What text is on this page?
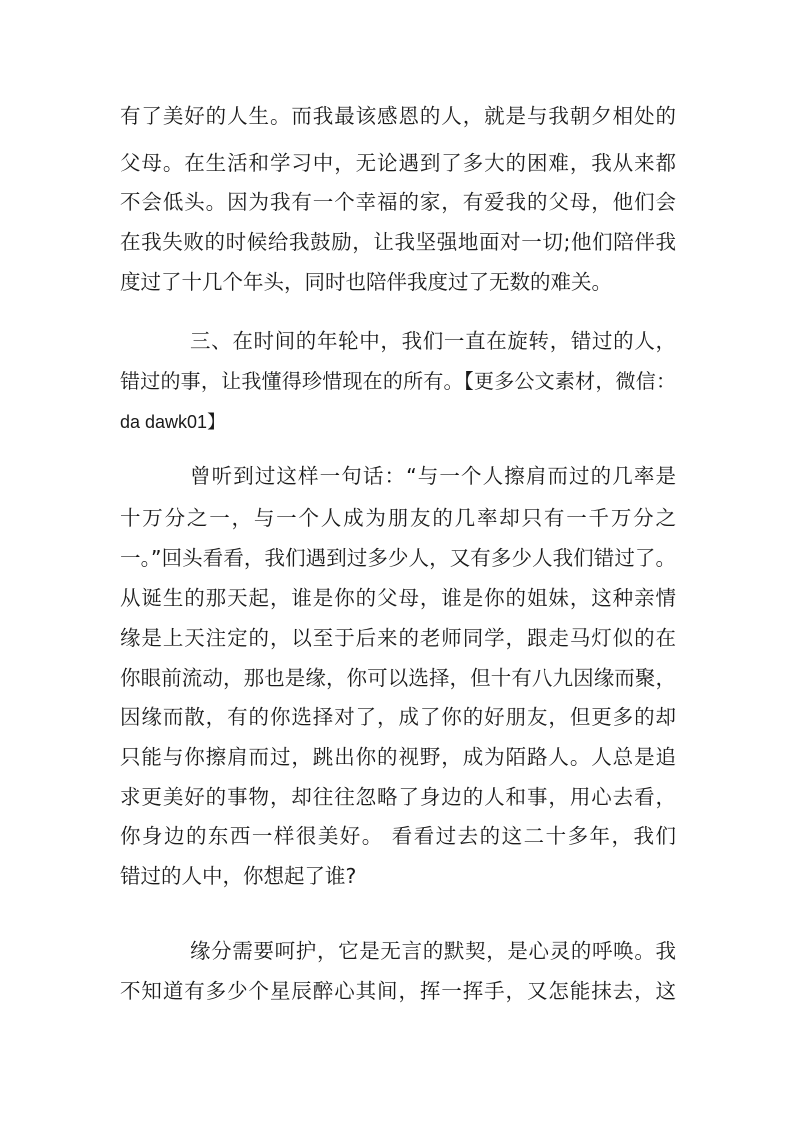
有了美好的人生。而我最该感恩的人，就是与我朝夕相处的
父母。在生活和学习中，无论遇到了多大的困难，我从来都
不会低头。因为我有一个幸福的家，有爱我的父母，他们会
在我失败的时候给我鼓励，让我坚强地面对一切;他们陪伴我
度过了十几个年头，同时也陪伴我度过了无数的难关。
三、在时间的年轮中，我们一直在旋转，错过的人，
错过的事，让我懂得珍惜现在的所有。【更多公文素材，微信：
da dawk01】
曾听到过这样一句话：“与一个人擦肩而过的几率是
十万分之一，与一个人成为朋友的几率却只有一千万分之
一。”回头看看，我们遇到过多少人，又有多少人我们错过了。
从诞生的那天起，谁是你的父母，谁是你的姐妹，这种亲情
缘是上天注定的，以至于后来的老师同学，跟走马灯似的在
你眼前流动，那也是缘，你可以选择，但十有八九因缘而聚，
因缘而散，有的你选择对了，成了你的好朋友，但更多的却
只能与你擦肩而过，跳出你的视野，成为陌路人。人总是追
求更美好的事物，却往往忽略了身边的人和事，用心去看，
你身边的东西一样很美好。 看看过去的这二十多年，我们
错过的人中，你想起了谁?
缘分需要呵护，它是无言的默契，是心灵的呼唤。我
不知道有多少个星辰醉心其间，挥一挥手，又怎能抹去，这
